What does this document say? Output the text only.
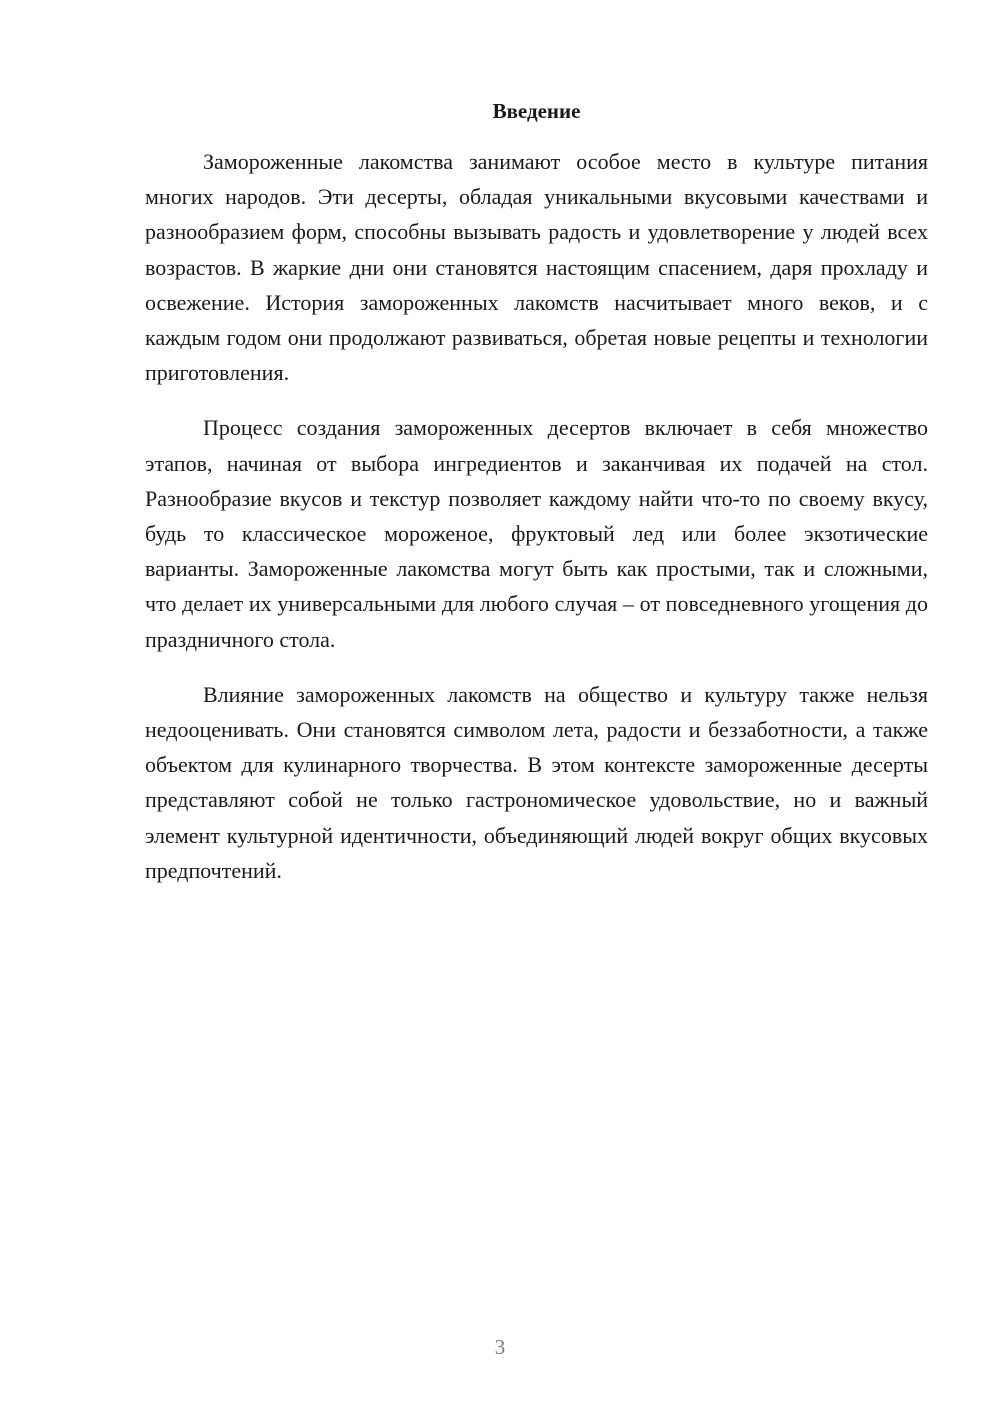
Введение

Замороженные лакомства занимают особое место в культуре питания многих народов. Эти десерты, обладая уникальными вкусовыми качествами и разнообразием форм, способны вызывать радость и удовлетворение у людей всех возрастов. В жаркие дни они становятся настоящим спасением, даря прохладу и освежение. История замороженных лакомств насчитывает много веков, и с каждым годом они продолжают развиваться, обретая новые рецепты и технологии приготовления.

Процесс создания замороженных десертов включает в себя множество этапов, начиная от выбора ингредиентов и заканчивая их подачей на стол. Разнообразие вкусов и текстур позволяет каждому найти что-то по своему вкусу, будь то классическое мороженое, фруктовый лед или более экзотические варианты. Замороженные лакомства могут быть как простыми, так и сложными, что делает их универсальными для любого случая – от повседневного угощения до праздничного стола.

Влияние замороженных лакомств на общество и культуру также нельзя недооценивать. Они становятся символом лета, радости и беззаботности, а также объектом для кулинарного творчества. В этом контексте замороженные десерты представляют собой не только гастрономическое удовольствие, но и важный элемент культурной идентичности, объединяющий людей вокруг общих вкусовых предпочтений.

3
